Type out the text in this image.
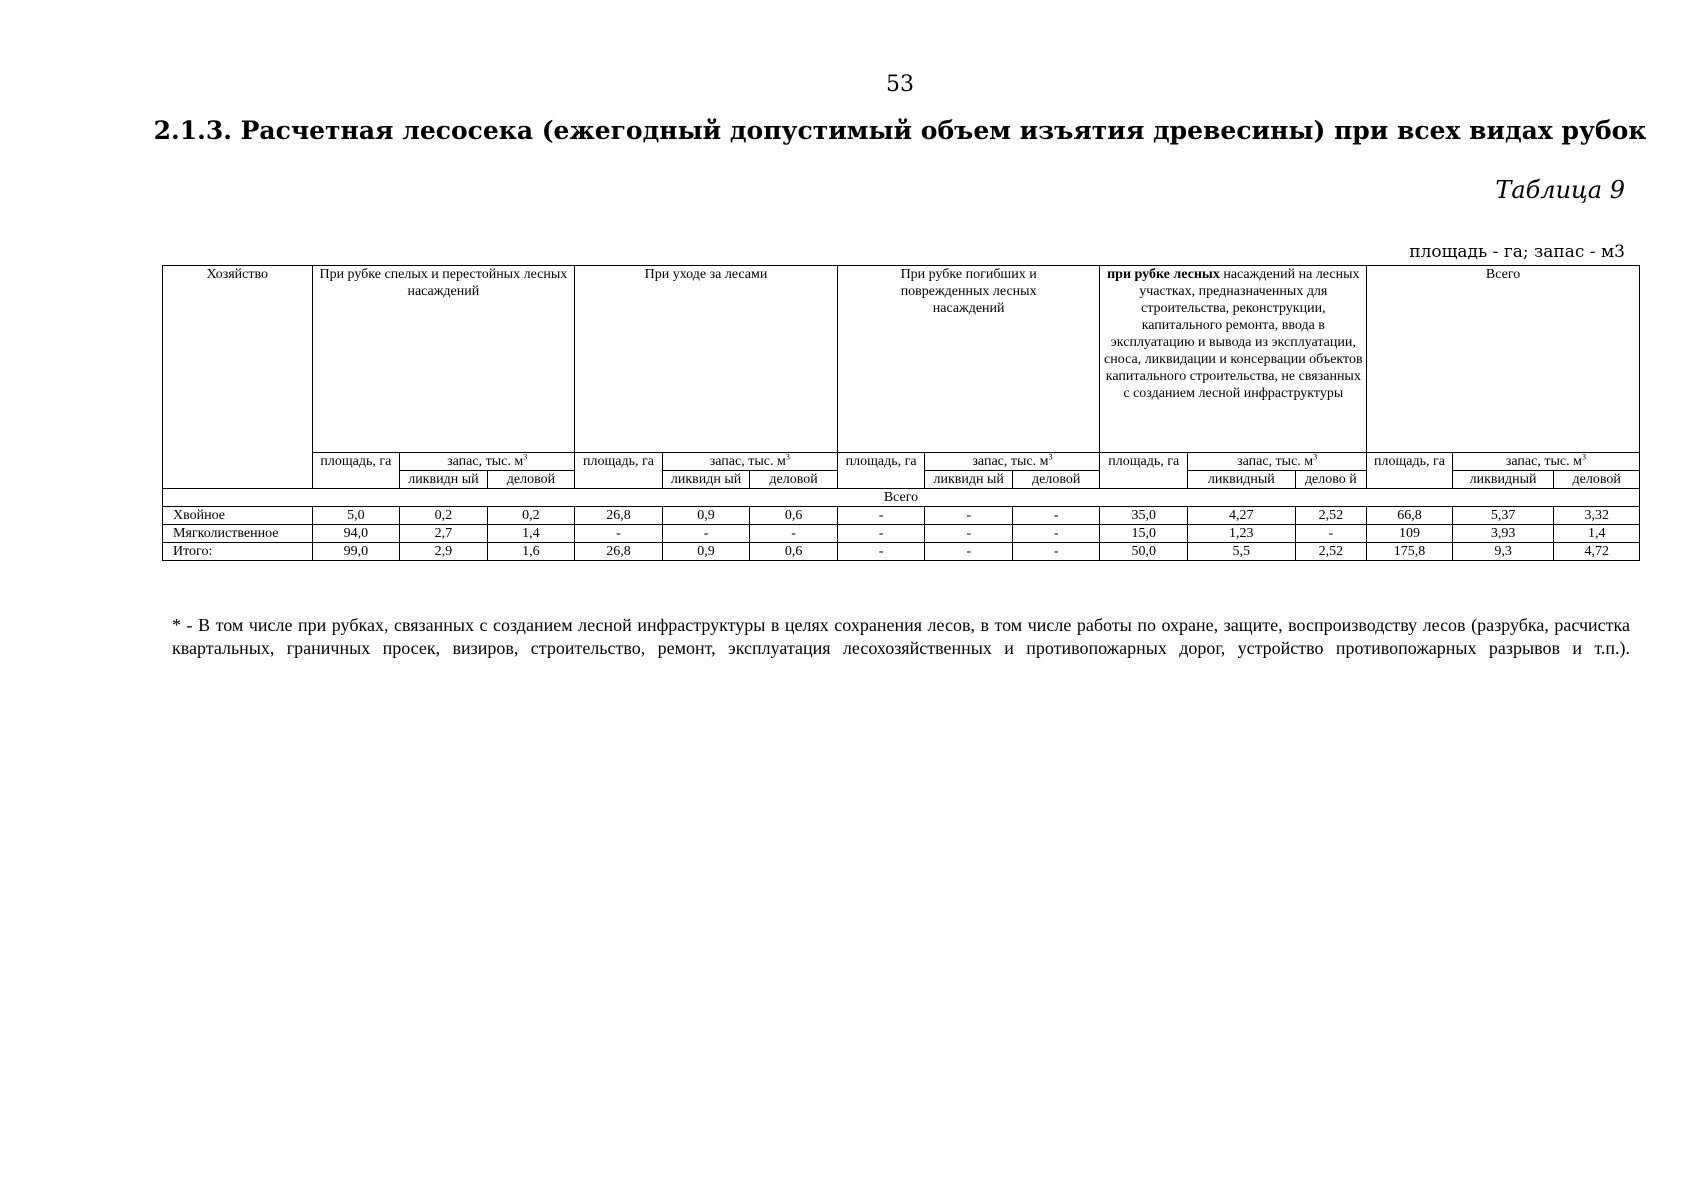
53
2.1.3. Расчетная лесосека (ежегодный допустимый объем изъятия древесины) при всех видах рубок
Таблица 9
площадь - га; запас - м3
Хозяйство	При рубке спелых и перестойных лесных насаждений			При уходе за лесами			При рубке погибших и поврежденных лесных насаждений			при рубке лесных насаждений на лесных участках, предназначенных для строительства, реконструкции, капитального ремонта, ввода в эксплуатацию и вывода из эксплуатации, сноса, ликвидации и консервации объектов капитального строительства, не связанных с созданием лесной инфраструктуры			Всего		
	площадь, га	запас, тыс. $м^3$		площадь, га	запас, тыс. $м^3$		площадь, га	запас, тыс. $м^3$		площадь, га	запас, тыс. $м^3$		площадь, га	запас, тыс. $м^3$
		ликвидн ый	деловой		ликвидн ый	деловой		ликвидн ый	деловой		ликвидный	делово й		ликвидный	деловой
Всего															
Хвойное	5,0	0,2	0,2	26,8	0,9	0,6	-	-	-	35,0	4,27	2,52	66,8	5,37	3,32
Мягколиственное	94,0	2,7	1,4	-	-	-	-	-	-	15,0	1,23	-	109	3,93	1,4
Итого:	99,0	2,9	1,6	26,8	0,9	0,6	-	-	-	50,0	5,5	2,52	175,8	9,3	4,72
* - В том числе при рубках, связанных с созданием лесной инфраструктуры в целях сохранения лесов, в том числе работы по охране, защите, воспроизводству лесов (разрубка, расчистка квартальных, граничных просек, визиров, строительство, ремонт, эксплуатация лесохозяйственных и противопожарных дорог, устройство противопожарных разрывов и т.п.).
